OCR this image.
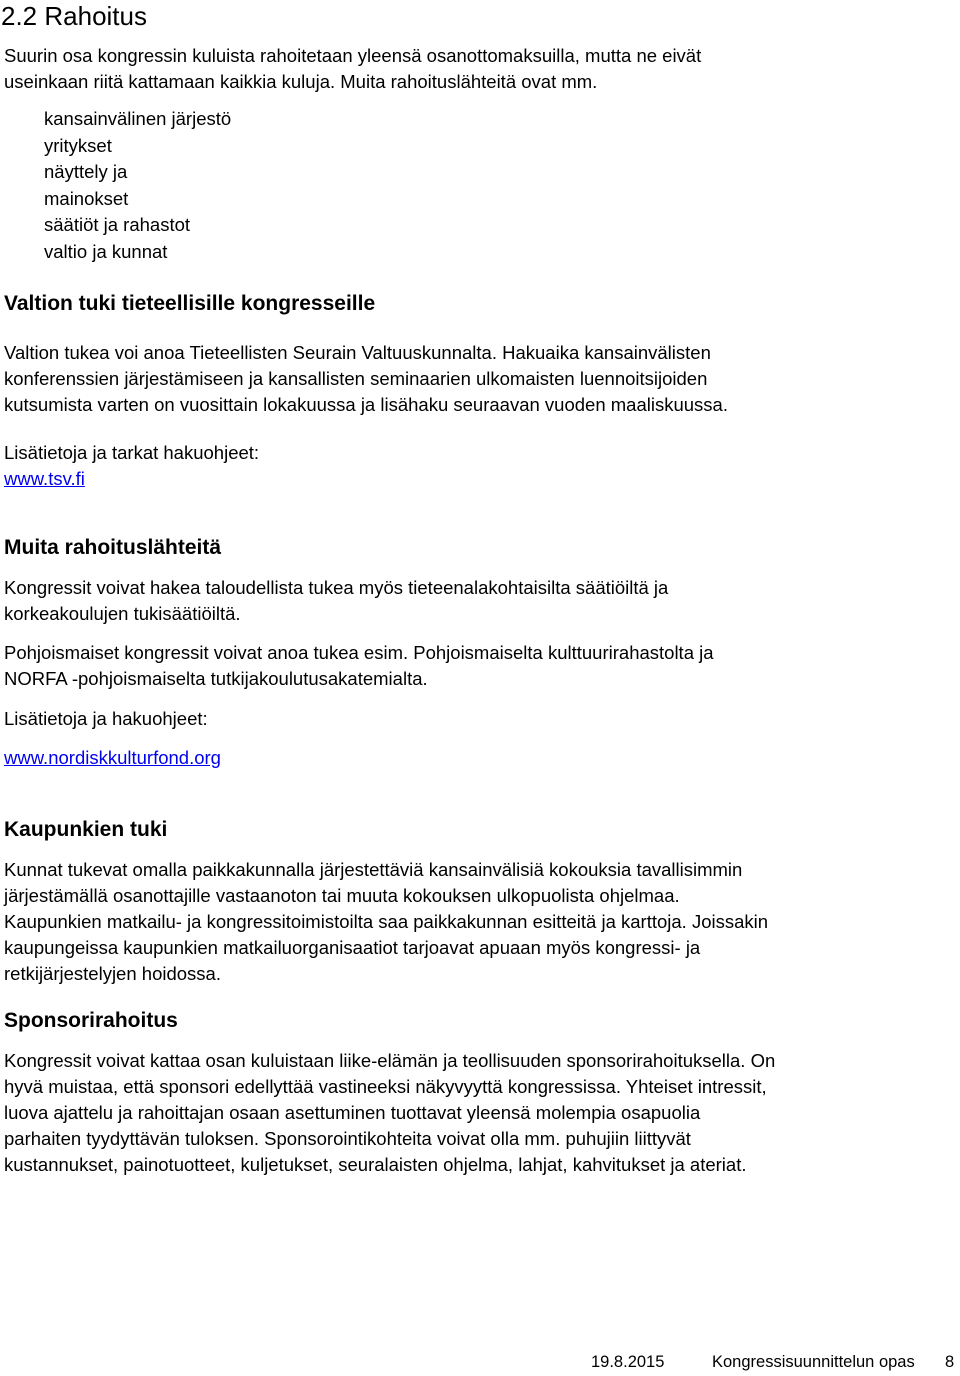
2.2 Rahoitus

Suurin osa kongressin kuluista rahoitetaan yleensä osanottomaksuilla, mutta ne eivät

useinkaan riitä kattamaan kaikkia kuluja. Muita rahoituslähteitä ovat mm.

kansainvälinen järjestö
yritykset
näyttely ja
mainokset
säätiöt ja rahastot
valtio ja kunnat
Valtion tuki tieteellisille kongresseille

Valtion tukea voi anoa Tieteellisten Seurain Valtuuskunnalta. Hakuaika kansainvälisten

konferenssien järjestämiseen ja kansallisten seminaarien ulkomaisten luennoitsijoiden

kutsumista varten on vuosittain lokakuussa ja lisähaku seuraavan vuoden maaliskuussa.

Lisätietoja ja tarkat hakuohjeet:

www.tsv.fi

Muita rahoituslähteitä

Kongressit voivat hakea taloudellista tukea myös tieteenalakohtaisilta säätiöiltä ja

korkeakoulujen tukisäätiöiltä.

Pohjoismaiset kongressit voivat anoa tukea esim. Pohjoismaiselta kulttuurirahastolta ja

NORFA -pohjoismaiselta tutkijakoulutusakatemialta.

Lisätietoja ja hakuohjeet:

www.nordiskkulturfond.org

Kaupunkien tuki

Kunnat tukevat omalla paikkakunnalla järjestettäviä kansainvälisiä kokouksia tavallisimmin

järjestämällä osanottajille vastaanoton tai muuta kokouksen ulkopuolista ohjelmaa.

Kaupunkien matkailu- ja kongressitoimistoilta saa paikkakunnan esitteitä ja karttoja. Joissakin

kaupungeissa kaupunkien matkailuorganisaatiot tarjoavat apuaan myös kongressi- ja

retkijärjestelyjen hoidossa.

Sponsorirahoitus

Kongressit voivat kattaa osan kuluistaan liike-elämän ja teollisuuden sponsorirahoituksella. On

hyvä muistaa, että sponsori edellyttää vastineeksi näkyvyyttä kongressissa. Yhteiset intressit,

luova ajattelu ja rahoittajan osaan asettuminen tuottavat yleensä molempia osapuolia

parhaiten tyydyttävän tuloksen. Sponsorointikohteita voivat olla mm. puhujiin liittyvät

kustannukset, painotuotteet, kuljetukset, seuralaisten ohjelma, lahjat, kahvitukset ja ateriat.

19.8.2015	Kongressisuunnittelun opas 8
